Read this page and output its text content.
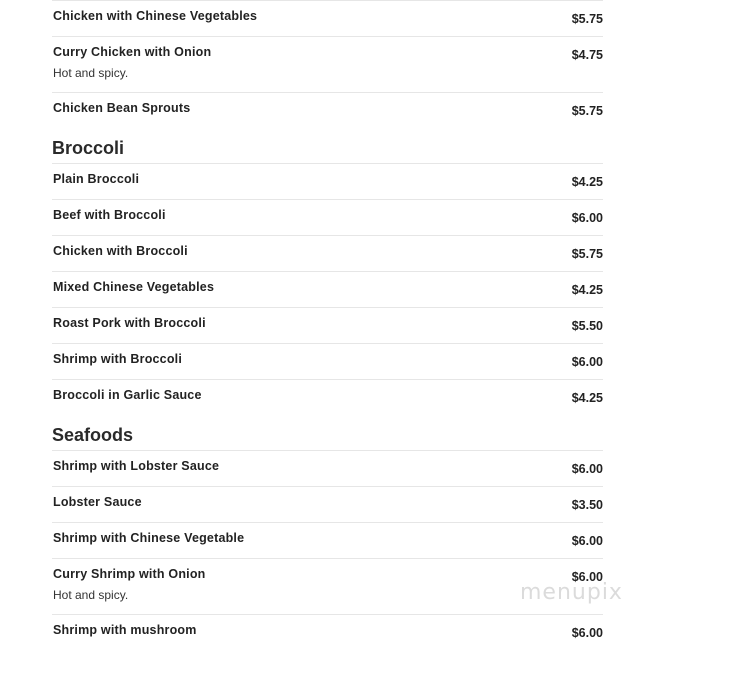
Chicken with Chinese Vegetables	$5.75
Curry Chicken with Onion	$4.75
Hot and spicy.
Chicken Bean Sprouts	$5.75
Broccoli
Plain Broccoli	$4.25
Beef with Broccoli	$6.00
Chicken with Broccoli	$5.75
Mixed Chinese Vegetables	$4.25
Roast Pork with Broccoli	$5.50
Shrimp with Broccoli	$6.00
Broccoli in Garlic Sauce	$4.25
Seafoods
Shrimp with Lobster Sauce	$6.00
Lobster Sauce	$3.50
Shrimp with Chinese Vegetable	$6.00
Curry Shrimp with Onion	$6.00
Hot and spicy.
Shrimp with mushroom	$6.00
menupix
